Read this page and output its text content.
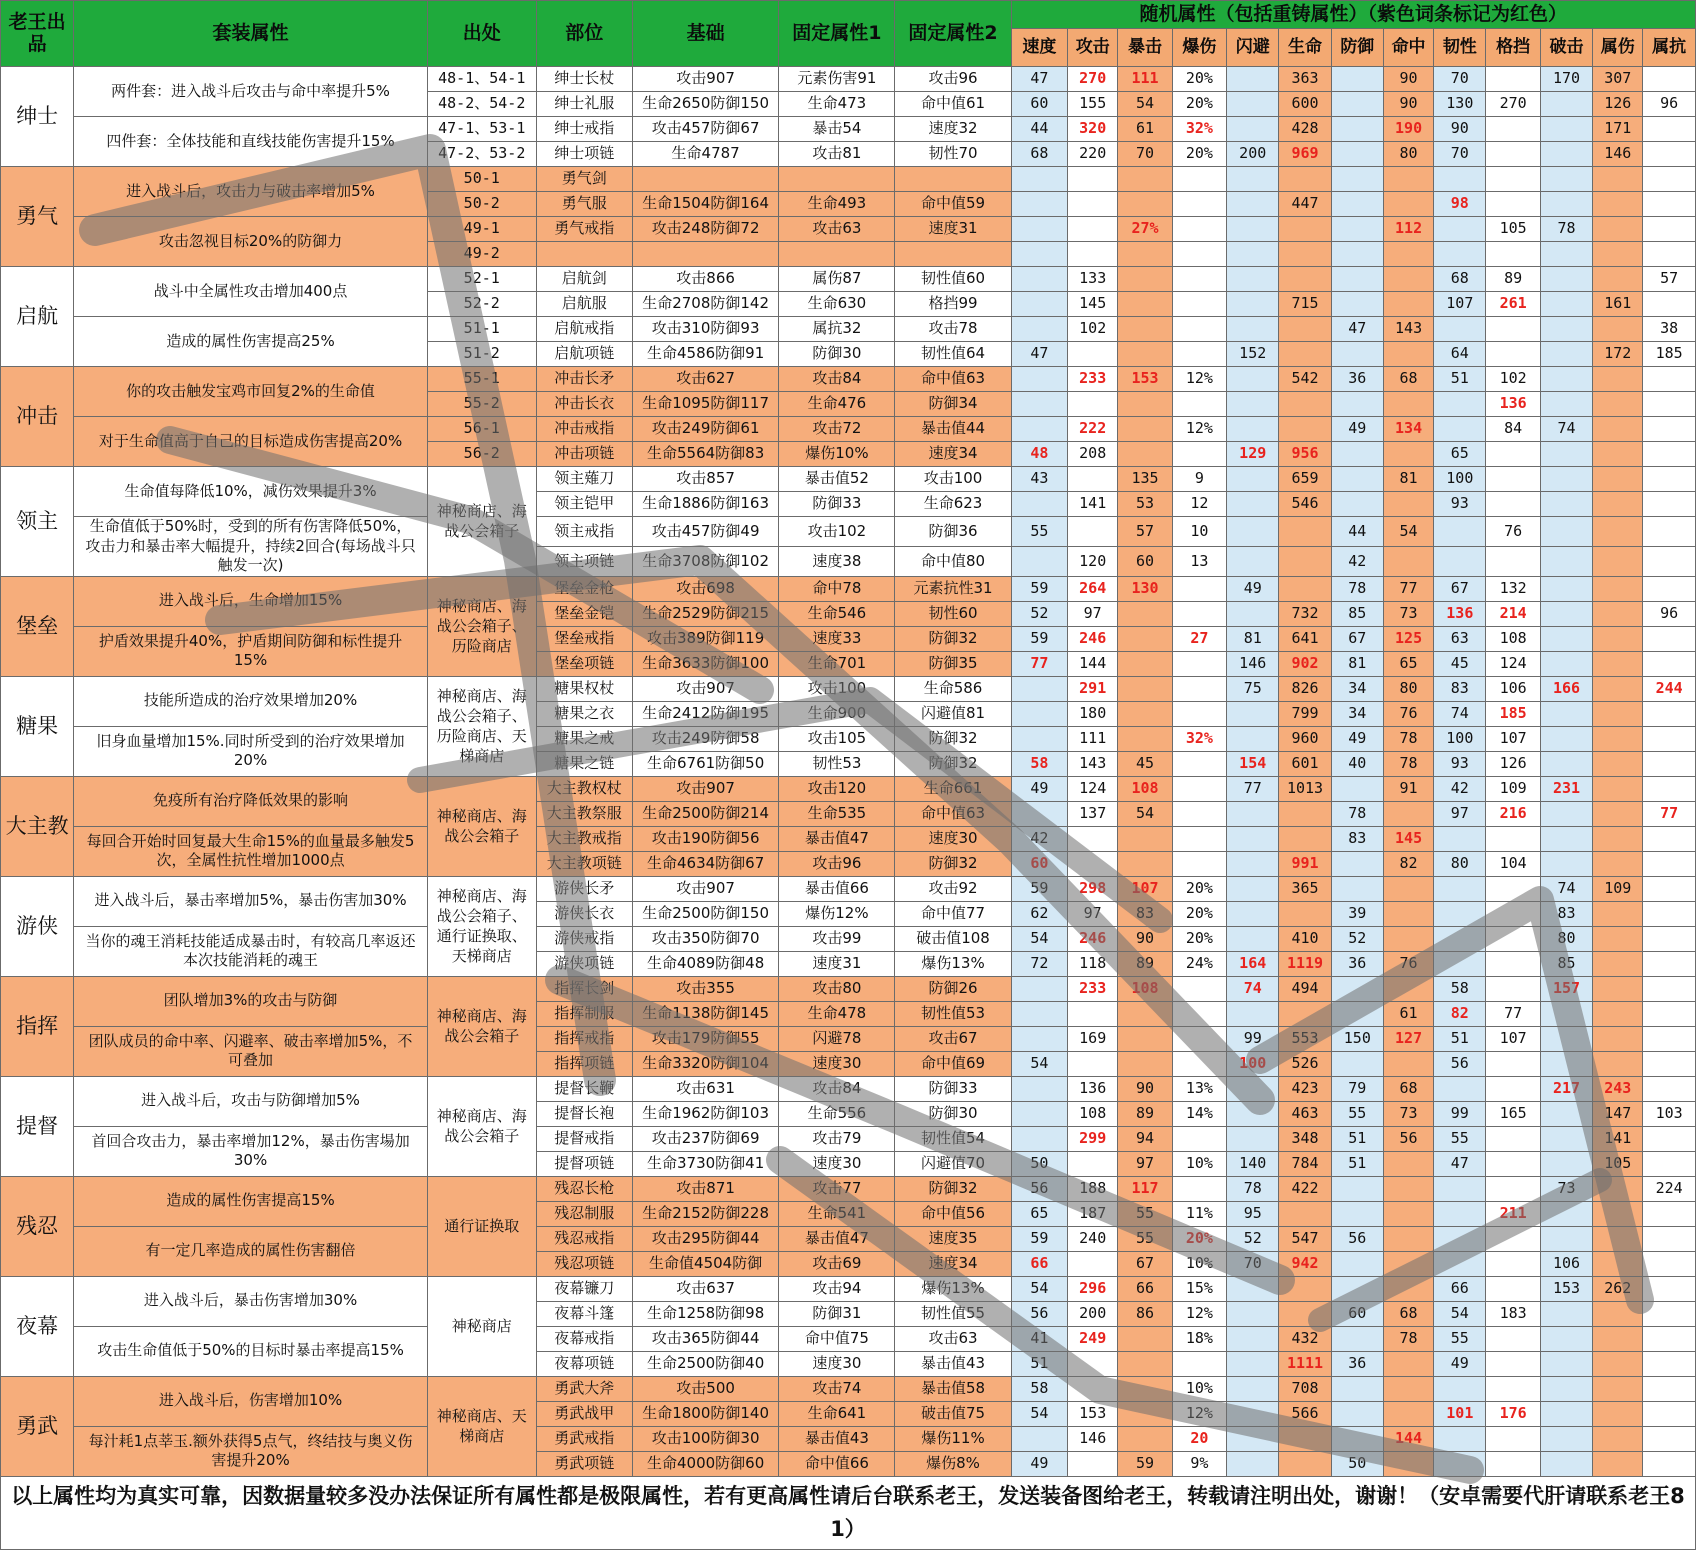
老王出品	套装属性	出处	部位	基础	固定属性1	固定属性2	随机属性（包括重铸属性）（紫色词条标记为红色）												
							速度	攻击	暴击	爆伤	闪避	生命	防御	命中	韧性	格挡	破击	属伤	属抗
绅士	两件套：进入战斗后攻击与命中率提升5%	48-1、54-1	绅士长杖	攻击907	元素伤害91	攻击96	47	270	111	20%		363		90	70		170	307	
		48-2、54-2	绅士礼服	生命2650防御150	生命473	命中值61	60	155	54	20%		600		90	130	270		126	96
	四件套：全体技能和直线技能伤害提升15%	47-1、53-1	绅士戒指	攻击457防御67	暴击54	速度32	44	320	61	32%		428		190	90			171	
		47-2、53-2	绅士项链	生命4787	攻击81	韧性70	68	220	70	20%	200	969		80	70			146	
勇气	进入战斗后，攻击力与破击率增加5%	50-1	勇气剑																
		50-2	勇气服	生命1504防御164	生命493	命中值59						447			98				
	攻击忽视目标20%的防御力	49-1	勇气戒指	攻击248防御72	攻击63	速度31			27%					112		105	78		
		49-2																	
启航	战斗中全属性攻击增加400点	52-1	启航剑	攻击866	属伤87	韧性值60		133							68	89			57
		52-2	启航服	生命2708防御142	生命630	格挡99		145				715			107	261		161	
	造成的属性伤害提高25%	51-1	启航戒指	攻击310防御93	属抗32	攻击78		102					47	143					38
		51-2	启航项链	生命4586防御91	防御30	韧性值64	47				152				64			172	185
冲击	你的攻击触发宝鸡市回复2%的生命值	55-1	冲击长矛	攻击627	攻击84	命中值63		233	153	12%		542	36	68	51	102			
		55-2	冲击长衣	生命1095防御117	生命476	防御34										136			
	对于生命值高于自己的目标造成伤害提高20%	56-1	冲击戒指	攻击249防御61	攻击72	暴击值44		222		12%			49	134		84	74		
		56-2	冲击项链	生命5564防御83	爆伤10%	速度34	48	208			129	956			65				
领主	生命值每降低10%，减伤效果提升3%	神秘商店、海战公会箱子	领主薙刀	攻击857	暴击值52	攻击100	43		135	9		659		81	100				
			领主铠甲	生命1886防御163	防御33	生命623		141	53	12		546			93				
	生命值低于50%时，受到的所有伤害降低50%，攻击力和暴击率大幅提升，持续2回合(每场战斗只触发一次)		领主戒指	攻击457防御49	攻击102	防御36	55		57	10			44	54		76			
			领主项链	生命3708防御102	速度38	命中值80		120	60	13			42						
堡垒	进入战斗后，生命增加15%	神秘商店、海战公会箱子、历险商店	堡垒金枪	攻击698	命中78	元素抗性31	59	264	130		49		78	77	67	132			
			堡垒金铠	生命2529防御215	生命546	韧性60	52	97				732	85	73	136	214			96
	护盾效果提升40%，护盾期间防御和标性提升15%		堡垒戒指	攻击389防御119	速度33	防御32	59	246		27	81	641	67	125	63	108			
			堡垒项链	生命3633防御100	生命701	防御35	77	144			146	902	81	65	45	124			
糖果	技能所造成的治疗效果增加20%	神秘商店、海战公会箱子、历险商店、天梯商店	糖果权杖	攻击907	攻击100	生命586		291			75	826	34	80	83	106	166		244
			糖果之衣	生命2412防御195	生命900	闪避值81		180				799	34	76	74	185			
	旧身血量增加15%.同时所受到的治疗效果增加20%		糖果之戒	攻击249防御58	攻击105	防御32		111		32%		960	49	78	100	107			
			糖果之链	生命6761防御50	韧性53	防御32	58	143	45		154	601	40	78	93	126			
大主教	免疫所有治疗降低效果的影响	神秘商店、海战公会箱子	大主教权杖	攻击907	攻击120	生命661	49	124	108		77	1013		91	42	109	231		
			大主教祭服	生命2500防御214	生命535	命中值63		137	54				78		97	216			77
	每回合开始时回复最大生命15%的血量最多触发5次，全属性抗性增加1000点		大主教戒指	攻击190防御56	暴击值47	速度30	42						83	145					
			大主教项链	生命4634防御67	攻击96	防御32	60					991		82	80	104			
游侠	进入战斗后，暴击率增加5%，暴击伤害加30%	神秘商店、海战公会箱子、通行证换取、天梯商店	游侠长矛	攻击907	暴击值66	攻击92	59	298	107	20%		365					74	109	
			游侠长衣	生命2500防御150	爆伤12%	命中值77	62	97	83	20%			39				83		
	当你的魂王消耗技能适成暴击时，有较高几率返还本次技能消耗的魂王		游侠戒指	攻击350防御70	攻击99	破击值108	54	246	90	20%		410	52				80		
			游侠项链	生命4089防御48	速度31	爆伤13%	72	118	89	24%	164	1119	36	76			85		
指挥	团队增加3%的攻击与防御	神秘商店、海战公会箱子	指挥长剑	攻击355	攻击80	防御26		233	108		74	494			58		157		
			指挥制服	生命1138防御145	生命478	韧性值53								61	82	77			
	团队成员的命中率、闪避率、破击率增加5%，不可叠加		指挥戒指	攻击179防御55	闪避78	攻击67		169			99	553	150	127	51	107			
			指挥项链	生命3320防御104	速度30	命中值69	54				100	526			56				
提督	进入战斗后，攻击与防御增加5%	神秘商店、海战公会箱子	提督长鞭	攻击631	攻击84	防御33		136	90	13%		423	79	68			217	243	
			提督长袍	生命1962防御103	生命556	防御30		108	89	14%		463	55	73	99	165		147	103
	首回合攻击力，暴击率增加12%，暴击伤害場加30%		提督戒指	攻击237防御69	攻击79	韧性值54		299	94			348	51	56	55			141	
			提督项链	生命3730防御41	速度30	闪避值70	50		97	10%	140	784	51		47			105	
残忍	造成的属性伤害提高15%	通行证换取	残忍长枪	攻击871	攻击77	防御32	56	188	117		78	422					73		224
			残忍制服	生命2152防御228	生命541	命中值56	65	187	55	11%	95					211			
	有一定几率造成的属性伤害翻倍		残忍戒指	攻击295防御44	暴击值47	速度35	59	240	55	20%	52	547	56						
			残忍项链	生命值4504防御	攻击69	速度34	66		67	10%	70	942					106		
夜幕	进入战斗后，暴击伤害增加30%	神秘商店	夜幕镰刀	攻击637	攻击94	爆伤13%	54	296	66	15%					66		153	262	
			夜幕斗篷	生命1258防御98	防御31	韧性值55	56	200	86	12%			60	68	54	183			
	攻击生命值低于50%的目标时暴击率提高15%		夜幕戒指	攻击365防御44	命中值75	攻击63	41	249		18%		432		78	55				
			夜幕项链	生命2500防御40	速度30	暴击值43	51					1111	36		49				
勇武	进入战斗后，伤害增加10%	神秘商店、天梯商店	勇武大斧	攻击500	攻击74	暴击值58	58			10%		708							
			勇武战甲	生命1800防御140	生命641	破击值75	54	153		12%		566			101	176			
	每汁耗1点莘玉.额外获得5点气，终结技与奥义伤害提升20%		勇武戒指	攻击100防御30	暴击值43	爆伤11%		146		20				144					
			勇武项链	生命4000防御60	命中值66	爆伤8%	49		59	9%			50						
以上属性均为真实可靠，因数据量较多没办法保证所有属性都是极限属性，若有更高属性请后台联系老王，发送装备图给老王，转载请注明出处，谢谢！（安卓需要代肝请联系老王8 1）																			
